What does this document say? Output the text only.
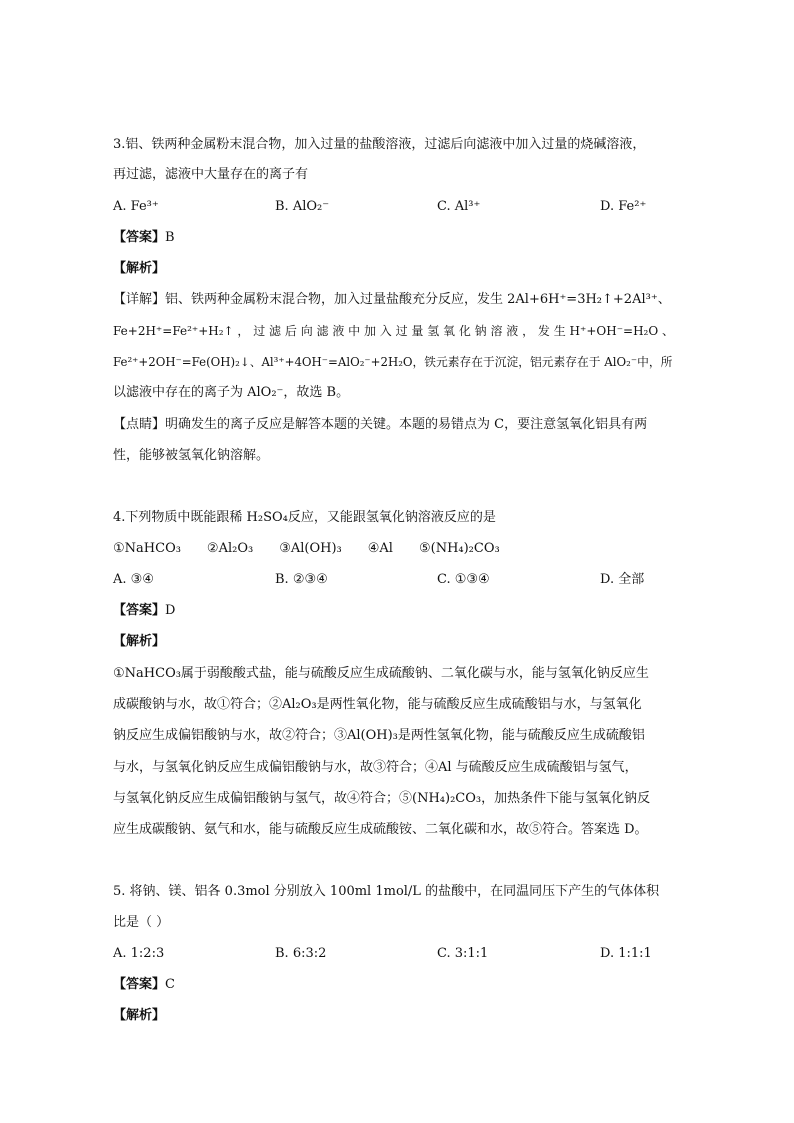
3.铝、铁两种金属粉末混合物，加入过量的盐酸溶液，过滤后向滤液中加入过量的烧碱溶液，
再过滤，滤液中大量存在的离子有
A. Fe³⁺	B. AlO₂⁻	C. Al³⁺	D. Fe²⁺
【答案】B
【解析】
【详解】铝、铁两种金属粉末混合物，加入过量盐酸充分反应，发生 2Al+6H⁺=3H₂↑+2Al³⁺、
Fe+2H⁺=Fe²⁺+H₂↑ ， 过 滤 后 向 滤 液 中 加 入 过 量 氢 氧 化 钠 溶 液 ， 发 生 H⁺+OH⁻=H₂O 、
Fe²⁺+2OH⁻=Fe(OH)₂↓、Al³⁺+4OH⁻=AlO₂⁻+2H₂O，铁元素存在于沉淀，铝元素存在于 AlO₂⁻中，所
以滤液中存在的离子为 AlO₂⁻，故选 B。
【点睛】明确发生的离子反应是解答本题的关键。本题的易错点为 C，要注意氢氧化铝具有两
性，能够被氢氧化钠溶解。
4.下列物质中既能跟稀 H₂SO₄反应，又能跟氢氧化钠溶液反应的是
①NaHCO₃　　②Al₂O₃　　③Al(OH)₃　　④Al　　⑤(NH₄)₂CO₃
A. ③④	B. ②③④	C. ①③④	D. 全部
【答案】D
【解析】
①NaHCO₃属于弱酸酸式盐，能与硫酸反应生成硫酸钠、二氧化碳与水，能与氢氧化钠反应生
成碳酸钠与水，故①符合；②Al₂O₃是两性氧化物，能与硫酸反应生成硫酸铝与水，与氢氧化
钠反应生成偏铝酸钠与水，故②符合；③Al(OH)₃是两性氢氧化物，能与硫酸反应生成硫酸铝
与水，与氢氧化钠反应生成偏铝酸钠与水，故③符合；④Al 与硫酸反应生成硫酸铝与氢气，
与氢氧化钠反应生成偏铝酸钠与氢气，故④符合；⑤(NH₄)₂CO₃，加热条件下能与氢氧化钠反
应生成碳酸钠、氨气和水，能与硫酸反应生成硫酸铵、二氧化碳和水，故⑤符合。答案选 D。
5. 将钠、镁、铝各 0.3mol 分别放入 100ml 1mol/L 的盐酸中，在同温同压下产生的气体体积
比是（ ）
A. 1:2:3	B. 6:3:2	C. 3:1:1	D. 1:1:1
【答案】C
【解析】
